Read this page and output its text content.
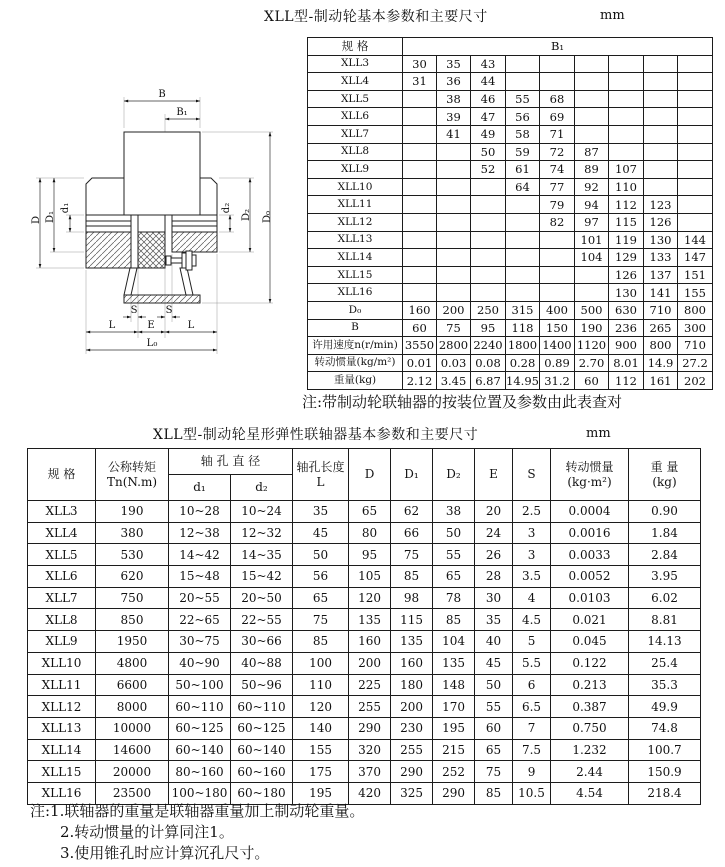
XLL型-制动轮基本参数和主要尺寸	mm
B
B₁
D₀
D₂
d₂
D D₁
d₁
S	S
L	E	L
L₀
规 格	B₁								
XLL3	30	35	43						
XLL4	31	36	44						
XLL5		38	46	55	68				
XLL6		39	47	56	69				
XLL7		41	49	58	71				
XLL8			50	59	72	87			
XLL9			52	61	74	89	107		
XLL10				64	77	92	110		
XLL11					79	94	112	123	
XLL12					82	97	115	126	
XLL13						101	119	130	144
XLL14						104	129	133	147
XLL15							126	137	151
XLL16							130	141	155
D₀	160	200	250	315	400	500	630	710	800
B	60	75	95	118	150	190	236	265	300
许用速度n(r/min)	3550	2800	2240	1800	1400	1120	900	800	710
转动惯量(kg/m²)	0.01	0.03	0.08	0.28	0.89	2.70	8.01	14.9	27.2
重量(kg)	2.12	3.45	6.87	14.95	31.2	60	112	161	202
注:带制动轮联轴器的按装位置及参数由此表查对
XLL型-制动轮星形弹性联轴器基本参数和主要尺寸	mm
规 格	
公称转矩
Tn(N.m)
	轴 孔 直 径	轴孔长度
L
	D	D₁	D₂	E	S	
转动惯量
(kg·m²)

重 量
(kg)

		d₁	d₂								
XLL3	190	10~28	10~24	35	65	62	38	20	2.5	0.0004	0.90
XLL4	380	12~38	12~32	45	80	66	50	24	3	0.0016	1.84
XLL5	530	14~42	14~35	50	95	75	55	26	3	0.0033	2.84
XLL6	620	15~48	15~42	56	105	85	65	28	3.5	0.0052	3.95
XLL7	750	20~55	20~50	65	120	98	78	30	4	0.0103	6.02
XLL8	850	22~65	22~55	75	135	115	85	35	4.5	0.021	8.81
XLL9	1950	30~75	30~66	85	160	135	104	40	5	0.045	14.13
XLL10	4800	40~90	40~88	100	200	160	135	45	5.5	0.122	25.4
XLL11	6600	50~100	50~96	110	225	180	148	50	6	0.213	35.3
XLL12	8000	60~110	60~110	120	255	200	170	55	6.5	0.387	49.9
XLL13	10000	60~125	60~125	140	290	230	195	60	7	0.750	74.8
XLL14	14600	60~140	60~140	155	320	255	215	65	7.5	1.232	100.7
XLL15	20000	80~160	60~160	175	370	290	252	75	9	2.44	150.9
XLL16	23500	100~180	60~180	195	420	325	290	85	10.5	4.54	218.4
注:1.联轴器的重量是联轴器重量加上制动轮重量。
2.转动惯量的计算同注1。
3.使用锥孔时应计算沉孔尺寸。
